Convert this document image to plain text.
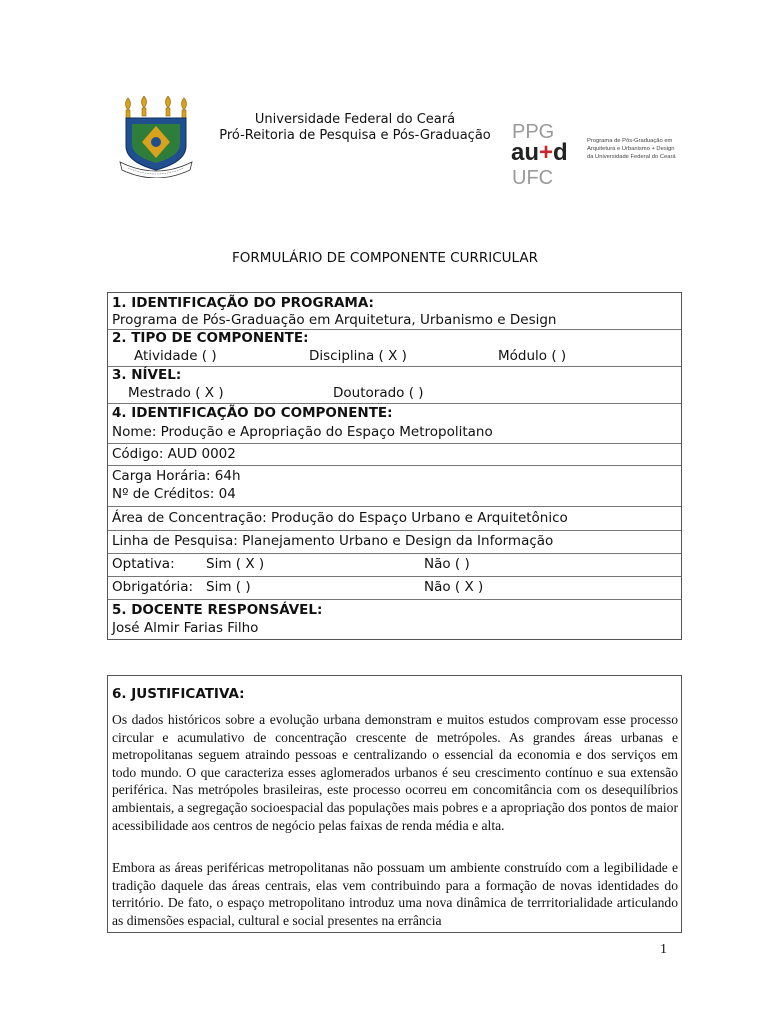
Universidade Federal do Ceará
Pró-Reitoria de Pesquisa e Pós-Graduação	PPG
au+d
UFC
Programa de Pós-Graduação em
Arquitetura e Urbanismo + Design
da Universidade Federal do Ceará
FORMULÁRIO DE COMPONENTE CURRICULAR
1. IDENTIFICAÇÃO DO PROGRAMA:
Programa de Pós-Graduação em Arquitetura, Urbanismo e Design
2. TIPO DE COMPONENTE:
Atividade ( )	Disciplina ( X )	Módulo ( )
3. NÍVEL:
Mestrado ( X )	Doutorado ( )
4. IDENTIFICAÇÃO DO COMPONENTE:
Nome: Produção e Apropriação do Espaço Metropolitano
Código: AUD 0002
Carga Horária: 64h
Nº de Créditos: 04
Área de Concentração: Produção do Espaço Urbano e Arquitetônico
Linha de Pesquisa: Planejamento Urbano e Design da Informação
Optativa: Sim ( X )	Não ( )
Obrigatória: Sim ( )	Não ( X )
5. DOCENTE RESPONSÁVEL:
José Almir Farias Filho
6. JUSTIFICATIVA:
Os dados históricos sobre a evolução urbana demonstram e muitos estudos comprovam esse processo circular e acumulativo de concentração crescente de metrópoles. As grandes áreas urbanas e metropolitanas seguem atraindo pessoas e centralizando o essencial da economia e dos serviços em todo mundo. O que caracteriza esses aglomerados urbanos é seu crescimento contínuo e sua extensão periférica. Nas metrópoles brasileiras, este processo ocorreu em concomitância com os desequilíbrios ambientais, a segregação socioespacial das populações mais pobres e a apropriação dos pontos de maior acessibilidade aos centros de negócio pelas faixas de renda média e alta.
Embora as áreas periféricas metropolitanas não possuam um ambiente construído com a legibilidade e tradição daquele das áreas centrais, elas vem contribuindo para a formação de novas identidades do território. De fato, o espaço metropolitano introduz uma nova dinâmica de terrritorialidade articulando as dimensões espacial, cultural e social presentes na errância
1
